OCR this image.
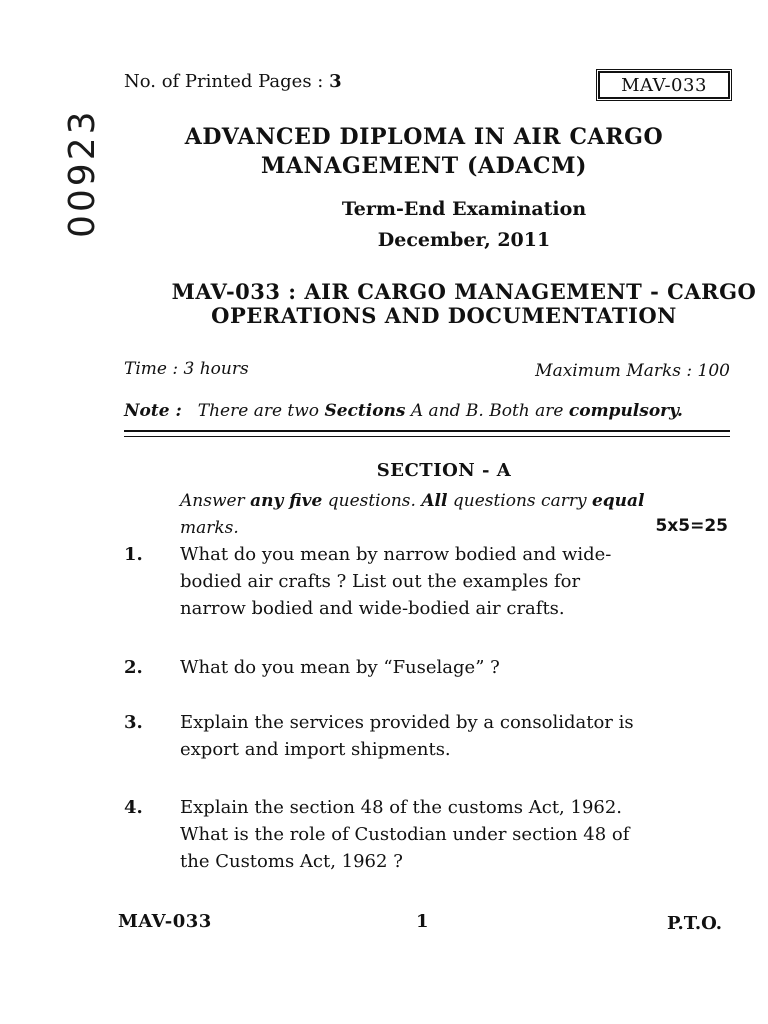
No. of Printed Pages : 3	MAV-033
00923	ADVANCED DIPLOMA IN AIR CARGO
MANAGEMENT (ADACM)
Term-End Examination
December, 2011
MAV-033 : AIR CARGO MANAGEMENT - CARGO
OPERATIONS AND DOCUMENTATION
Time : 3 hours	Maximum Marks : 100
Note : There are two Sections A and B. Both are compulsory.
SECTION - A
Answer any five questions. All questions carry equal
marks.	5x5=25
1. What do you mean by narrow bodied and wide-
bodied air crafts ? List out the examples for
narrow bodied and wide-bodied air crafts.
2. What do you mean by “Fuselage” ?
3. Explain the services provided by a consolidator is
export and import shipments.
4. Explain the section 48 of the customs Act, 1962.
What is the role of Custodian under section 48 of
the Customs Act, 1962 ?
MAV-033	1	P.T.O.
